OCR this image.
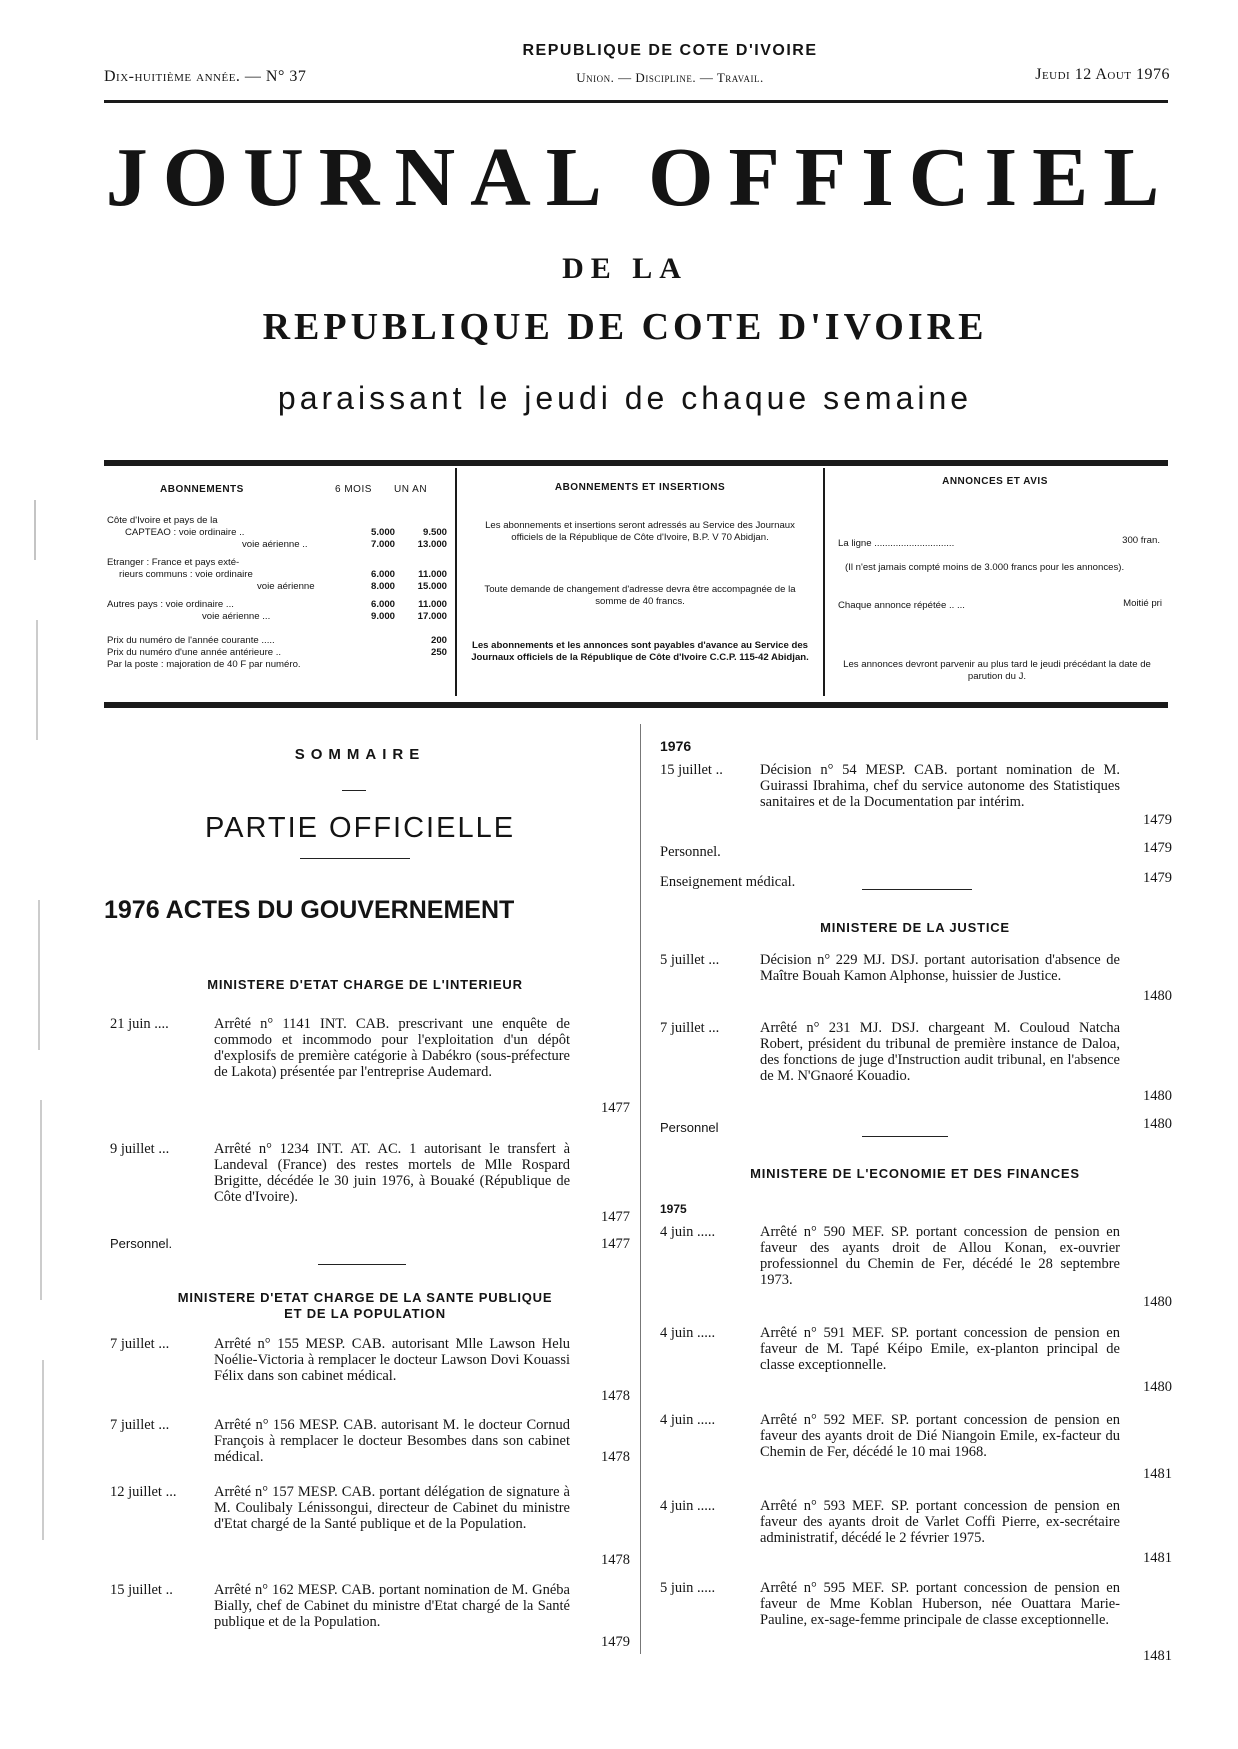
Dix-huitième année. — N° 37
REPUBLIQUE DE COTE D'IVOIRE
Union. — Discipline. — Travail.	Jeudi 12 Aout 1976
JOURNAL OFFICIEL
DE LA
REPUBLIQUE DE COTE D'IVOIRE
paraissant le jeudi de chaque semaine
ABONNEMENTS	6 MOIS UN AN
Côte d'Ivoire et pays de la
CAPTEAO : voie ordinaire ..	5.000	9.500
voie aérienne ..	7.000	13.000
Etranger : France et pays exté-
rieurs communs : voie ordinaire	6.000	11.000
voie aérienne	8.000	15.000
Autres pays : voie ordinaire ...	6.000	11.000
voie aérienne ...	9.000	17.000
Prix du numéro de l'année courante .....	200
Prix du numéro d'une année antérieure ..	250
Par la poste : majoration de 40 F par numéro.
ABONNEMENTS ET INSERTIONS
Les abonnements et insertions seront adressés au Service des Journaux officiels de la République de Côte d'Ivoire, B.P. V 70 Abidjan.
Toute demande de changement d'adresse devra être accompagnée de la somme de 40 francs.
Les abonnements et les annonces sont payables d'avance au Service des Journaux officiels de la République de Côte d'Ivoire C.C.P. 115-42 Abidjan.
ANNONCES ET AVIS
La ligne ..............................	300 fran.
(Il n'est jamais compté moins de 3.000 francs pour les annonces).
Chaque annonce répétée .. ...	Moitié pri
Les annonces devront parvenir au plus tard le jeudi précédant la date de parution du J.
SOMMAIRE
PARTIE OFFICIELLE
1976 ACTES DU GOUVERNEMENT
MINISTERE D'ETAT CHARGE DE L'INTERIEUR
21 juin ....	Arrêté n° 1141 INT. CAB. prescrivant une enquête de commodo et incommodo pour l'exploitation d'un dépôt d'explosifs de première catégorie à Dabékro (sous-préfecture de Lakota) présentée par l'entreprise Audemard.
1477
9 juillet ...	Arrêté n° 1234 INT. AT. AC. 1 autorisant le transfert à Landeval (France) des restes mortels de Mlle Rospard Brigitte, décédée le 30 juin 1976, à Bouaké (République de Côte d'Ivoire).
1477
Personnel.	1477
MINISTERE D'ETAT CHARGE DE LA SANTE PUBLIQUE
ET DE LA POPULATION
7 juillet ...	Arrêté n° 155 MESP. CAB. autorisant Mlle Lawson Helu Noélie-Victoria à remplacer le docteur Lawson Dovi Kouassi Félix dans son cabinet médical.
1478
7 juillet ...	Arrêté n° 156 MESP. CAB. autorisant M. le docteur Cornud François à remplacer le docteur Besombes dans son cabinet médical.	1478
12 juillet ...	Arrêté n° 157 MESP. CAB. portant délégation de signature à M. Coulibaly Lénissongui, directeur de Cabinet du ministre d'Etat chargé de la Santé publique et de la Population.
1478
15 juillet ..	Arrêté n° 162 MESP. CAB. portant nomination de M. Gnéba Bially, chef de Cabinet du ministre d'Etat chargé de la Santé publique et de la Population.
1479
1976
15 juillet ..	Décision n° 54 MESP. CAB. portant nomination de M. Guirassi Ibrahima, chef du service autonome des Statistiques sanitaires et de la Documentation par intérim.
1479
Personnel.	1479
Enseignement médical.	1479
MINISTERE DE LA JUSTICE
5 juillet ...	Décision n° 229 MJ. DSJ. portant autorisation d'absence de Maître Bouah Kamon Alphonse, huissier de Justice.
1480
7 juillet ...	Arrêté n° 231 MJ. DSJ. chargeant M. Couloud Natcha Robert, président du tribunal de première instance de Daloa, des fonctions de juge d'Instruction audit tribunal, en l'absence de M. N'Gnaoré Kouadio.
1480
Personnel	1480
MINISTERE DE L'ECONOMIE ET DES FINANCES
1975
4 juin .....	Arrêté n° 590 MEF. SP. portant concession de pension en faveur des ayants droit de Allou Konan, ex-ouvrier professionnel du Chemin de Fer, décédé le 28 septembre 1973.
1480
4 juin .....	Arrêté n° 591 MEF. SP. portant concession de pension en faveur de M. Tapé Kéipo Emile, ex-planton principal de classe exceptionnelle.
1480
4 juin .....	Arrêté n° 592 MEF. SP. portant concession de pension en faveur des ayants droit de Dié Niangoin Emile, ex-facteur du Chemin de Fer, décédé le 10 mai 1968.
1481
4 juin .....	Arrêté n° 593 MEF. SP. portant concession de pension en faveur des ayants droit de Varlet Coffi Pierre, ex-secrétaire administratif, décédé le 2 février 1975.
1481
5 juin .....	Arrêté n° 595 MEF. SP. portant concession de pension en faveur de Mme Koblan Huberson, née Ouattara Marie-Pauline, ex-sage-femme principale de classe exceptionnelle.
1481
